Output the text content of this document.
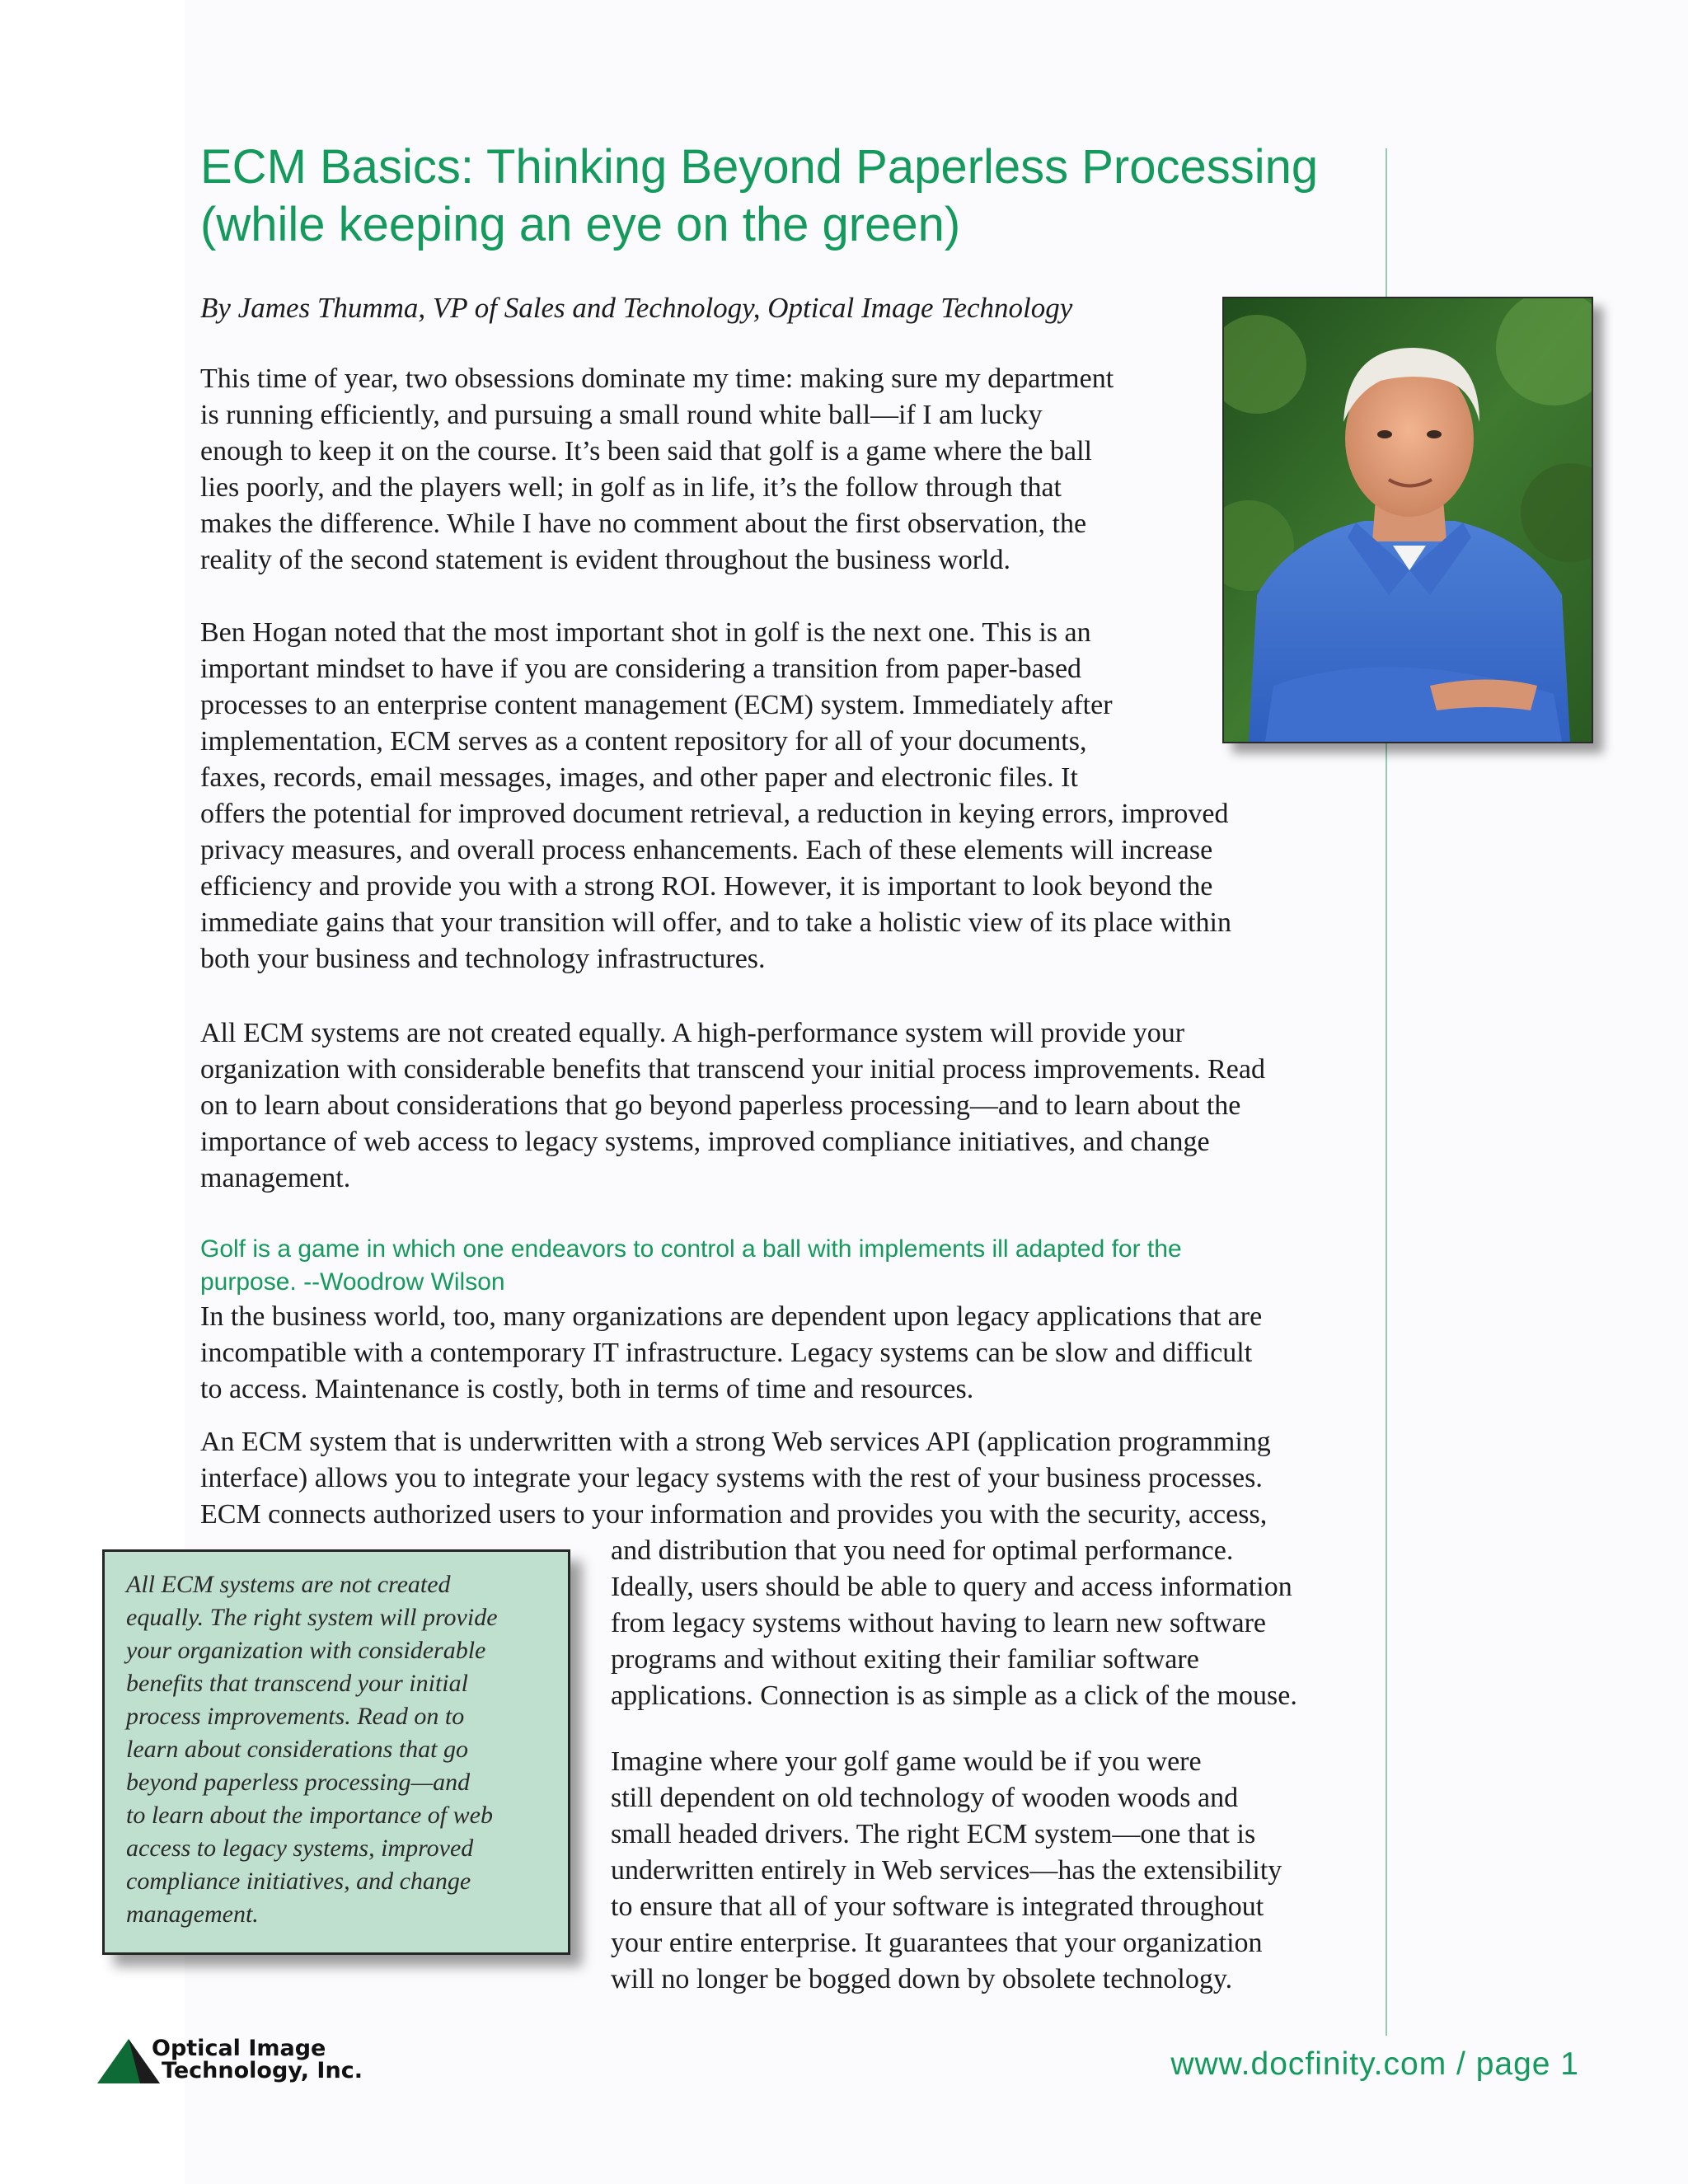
ECM Basics: Thinking Beyond Paperless Processing
(while keeping an eye on the green)

By James Thumma, VP of Sales and Technology, Optical Image Technology

This time of year, two obsessions dominate my time: making sure my department
is running efficiently, and pursuing a small round white ball—if I am lucky
enough to keep it on the course. It’s been said that golf is a game where the ball
lies poorly, and the players well; in golf as in life, it’s the follow through that
makes the difference. While I have no comment about the first observation, the
reality of the second statement is evident throughout the business world.

Ben Hogan noted that the most important shot in golf is the next one. This is an
important mindset to have if you are considering a transition from paper-based
processes to an enterprise content management (ECM) system. Immediately after
implementation, ECM serves as a content repository for all of your documents,
faxes, records, email messages, images, and other paper and electronic files. It
offers the potential for improved document retrieval, a reduction in keying errors, improved
privacy measures, and overall process enhancements. Each of these elements will increase
efficiency and provide you with a strong ROI. However, it is important to look beyond the
immediate gains that your transition will offer, and to take a holistic view of its place within
both your business and technology infrastructures.

All ECM systems are not created equally. A high-performance system will provide your
organization with considerable benefits that transcend your initial process improvements. Read
on to learn about considerations that go beyond paperless processing—and to learn about the
importance of web access to legacy systems, improved compliance initiatives, and change
management.

Golf is a game in which one endeavors to control a ball with implements ill adapted for the
purpose. --Woodrow Wilson

In the business world, too, many organizations are dependent upon legacy applications that are
incompatible with a contemporary IT infrastructure. Legacy systems can be slow and difficult
to access. Maintenance is costly, both in terms of time and resources.

An ECM system that is underwritten with a strong Web services API (application programming
interface) allows you to integrate your legacy systems with the rest of your business processes.
ECM connects authorized users to your information and provides you with the security, access,
and distribution that you need for optimal performance.
Ideally, users should be able to query and access information
from legacy systems without having to learn new software
programs and without exiting their familiar software
applications. Connection is as simple as a click of the mouse.

Imagine where your golf game would be if you were
still dependent on old technology of wooden woods and
small headed drivers. The right ECM system—one that is
underwritten entirely in Web services—has the extensibility
to ensure that all of your software is integrated throughout
your entire enterprise. It guarantees that your organization
will no longer be bogged down by obsolete technology.

All ECM systems are not created
equally. The right system will provide
your organization with considerable
benefits that transcend your initial
process improvements. Read on to
learn about considerations that go
beyond paperless processing—and
to learn about the importance of web
access to legacy systems, improved
compliance initiatives, and change
management.

Optical Image
Technology, Inc.	www.docfinity.com / page 1
